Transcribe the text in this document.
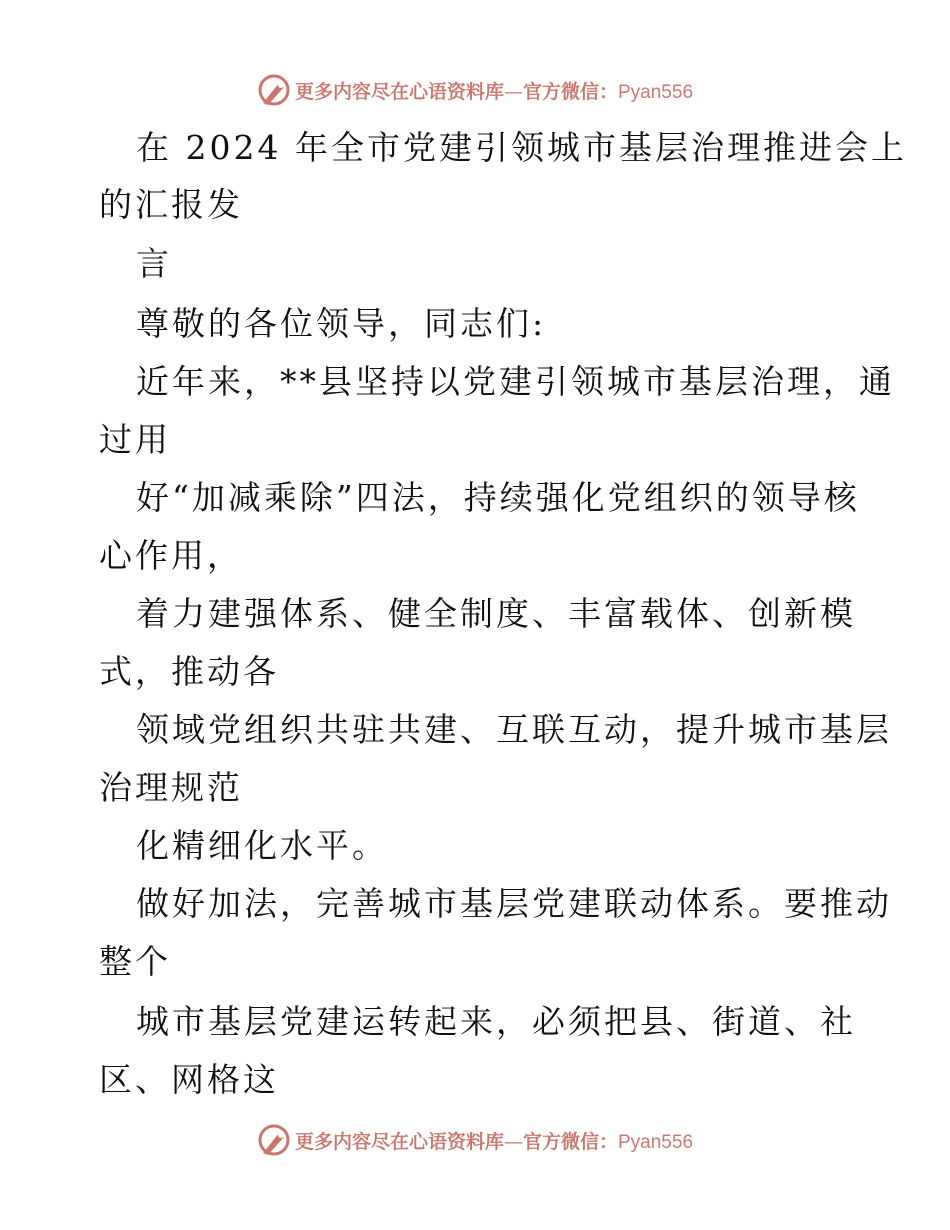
更多内容尽在心语资料库—官方微信：Pyan556
在 2024 年全市党建引领城市基层治理推进会上
的汇报发
言
尊敬的各位领导，同志们:
近年来，**县坚持以党建引领城市基层治理，通
过用
好“加减乘除”四法，持续强化党组织的领导核
心作用，
着力建强体系、健全制度、丰富载体、创新模
式，推动各
领域党组织共驻共建、互联互动，提升城市基层
治理规范
化精细化水平。
做好加法，完善城市基层党建联动体系。要推动
整个
城市基层党建运转起来，必须把县、街道、社
区、网格这
更多内容尽在心语资料库—官方微信：Pyan556
